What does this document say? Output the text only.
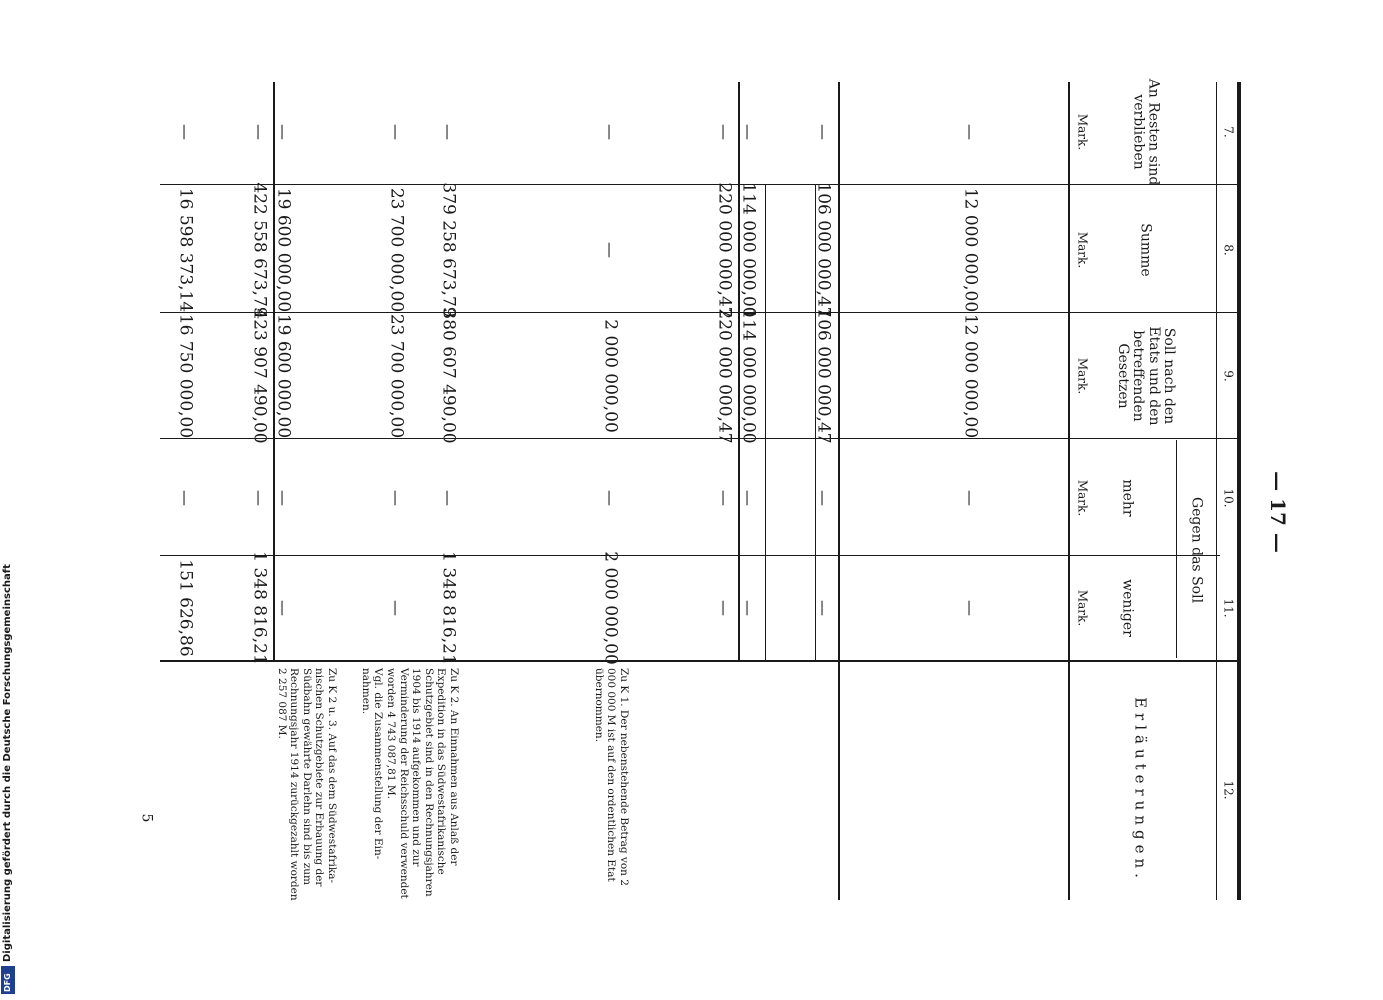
— 17 —
7.
8.
9.
10.
11.
12.
An Resten sind verblieben
Summe
Soll nach den Etats und den betreffenden Gesetzen
Gegen das Soll
mehr
weniger
Erläuterungen.
Mark.
Mark.
Mark.
Mark.
Mark.
—
12 000 000,00
12 000 000,00
—
—
—
106 000 000,47
106 000 000,47
—
—
—
114 000 000,00
114 000 000,00
—
—
—
220 000 000,47
220 000 000,47
—
—
—
—
2 000 000,00
—
2 000 000,00
—
379 258 673,79
380 607 490,00
—
1 348 816,21
—
23 700 000,00
23 700 000,00
—
—
—
19 600 000,00
19 600 000,00
—
—
—
422 558 673,79
423 907 490,00
—
1 348 816,21
—
16 598 373,14
16 750 000,00
—
151 626,86
Zu K 1. Der nebenstehende Betrag von 2 000 000 M ist auf den ordentlichen Etat übernommen.
Zu K 2. An Einnahmen aus Anlaß der
Expedition in das Südwestafrikanische
Schutzgebiet sind in den Rechnungsjahren
1904 bis 1914 aufgekommen und zur
Verminderung der Reichsschuld verwendet
worden 4 743 087,81 M.
Vgl. die Zusammenstellung der Ein-
nahmen.
Zu K 2 u. 3. Auf das dem Südwestafrika-
nischen Schutzgebiete zur Erbauung der
Südbahn gewährte Darlehn sind bis zum
Rechnungsjahr 1914 zurückgezahlt worden
2 257 087 M.
5
Digitalisierung gefördert durch die Deutsche Forschungsgemeinschaft
DFG
